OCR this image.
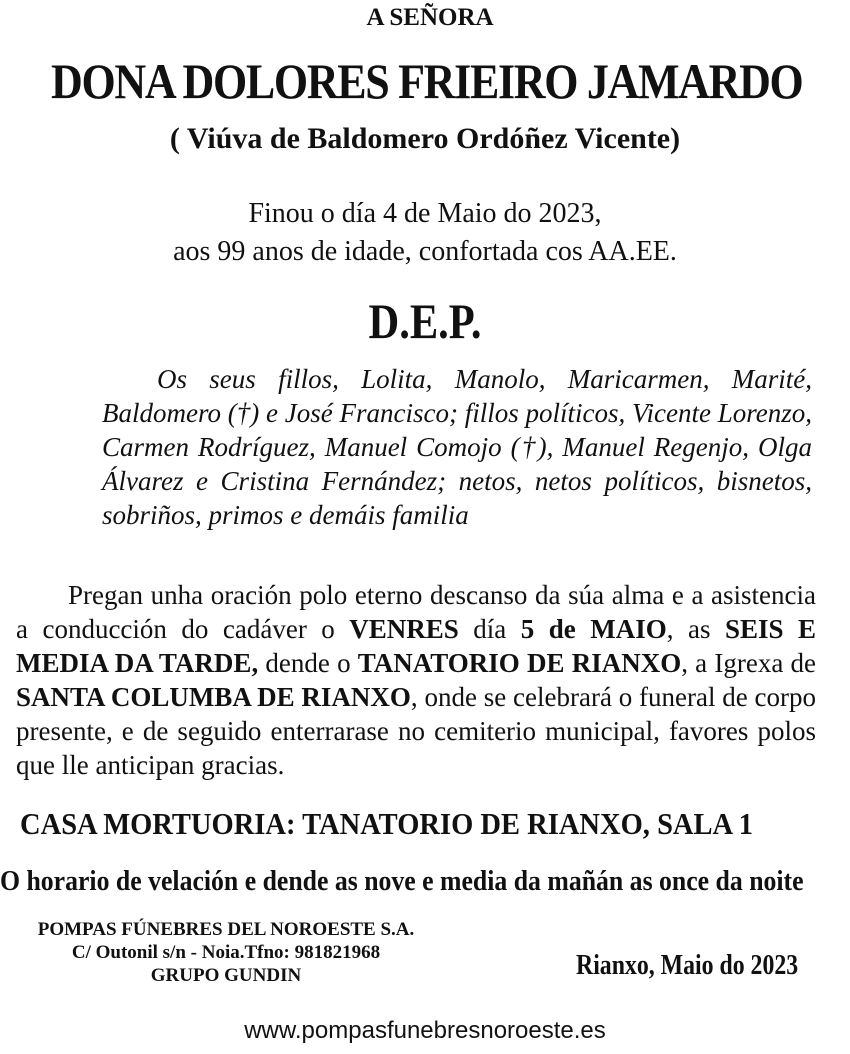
A SEÑORA
DONA DOLORES FRIEIRO JAMARDO
( Viúva de Baldomero Ordóñez Vicente)
Finou o día 4 de Maio do 2023,
aos 99 anos de idade, confortada cos AA.EE.
D.E.P.
Os seus fillos, Lolita, Manolo, Maricarmen, Marité, Baldomero (†) e José Francisco; fillos políticos, Vicente Lorenzo, Carmen Rodríguez, Manuel Comojo (†), Manuel Regenjo, Olga Álvarez e Cristina Fernández; netos, netos políticos, bisnetos, sobriños, primos e demáis familia
Pregan unha oración polo eterno descanso da súa alma e a asistencia a conducción do cadáver o VENRES día 5 de MAIO, as SEIS E MEDIA DA TARDE, dende o TANATORIO DE RIANXO, a Igrexa de SANTA COLUMBA DE RIANXO, onde se celebrará o funeral de corpo presente, e de seguido enterrarase no cemiterio municipal, favores polos que lle anticipan gracias.
CASA MORTUORIA: TANATORIO DE RIANXO, SALA 1
O horario de velación e dende as nove e media da mañán as once da noite
POMPAS FÚNEBRES DEL NOROESTE S.A.
C/ Outonil s/n - Noia.Tfno: 981821968
GRUPO GUNDIN	Rianxo, Maio do 2023
www.pompasfunebresnoroeste.es
